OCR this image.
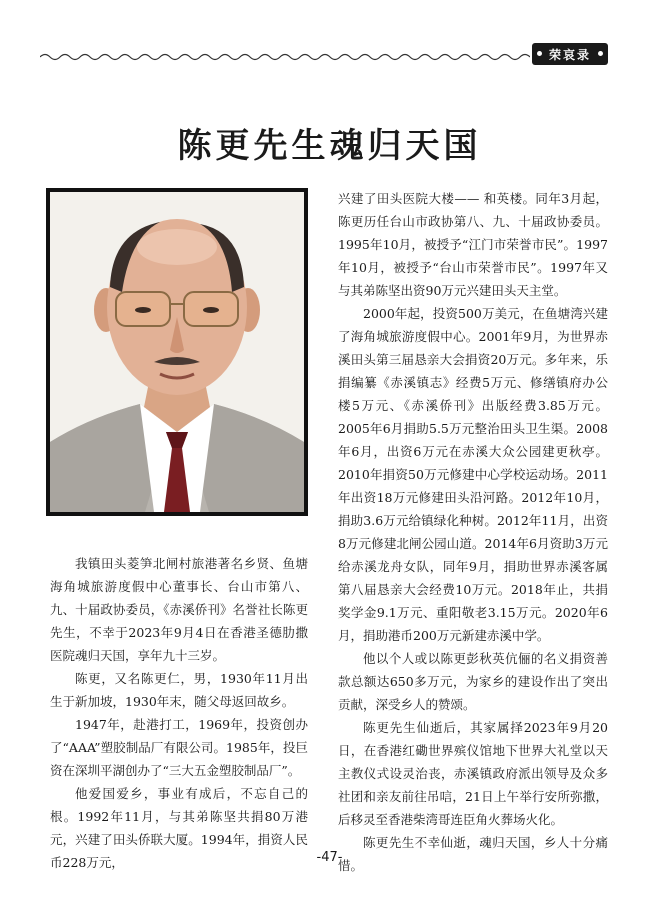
荣哀录
陈更先生魂归天国

我镇田头菱笋北闸村旅港著名乡贤、鱼塘海角城旅游度假中心董事长、台山市第八、九、十届政协委员，《赤溪侨刊》名誉社长陈更先生，不幸于2023年9月4日在香港圣德肋撒医院魂归天国，享年九十三岁。

陈更，又名陈更仁，男，1930年11月出生于新加坡，1930年末，随父母返回故乡。

1947年，赴港打工，1969年，投资创办了“AAA”塑胶制品厂有限公司。1985年，投巨资在深圳平湖创办了“三大五金塑胶制品厂”。

他爱国爱乡，事业有成后，不忘自己的根。1992年11月，与其弟陈坚共捐80万港元，兴建了田头侨联大厦。1994年，捐资人民币228万元，

兴建了田头医院大楼—— 和英楼。同年3月起，陈更历任台山市政协第八、九、十届政协委员。1995年10月，被授予“江门市荣誉市民”。1997年10月，被授予“台山市荣誉市民”。1997年又与其弟陈坚出资90万元兴建田头天主堂。

2000年起，投资500万美元，在鱼塘湾兴建了海角城旅游度假中心。2001年9月，为世界赤溪田头第三届恳亲大会捐资20万元。多年来，乐捐编纂《赤溪镇志》经费5万元、修缮镇府办公楼5万元、《赤溪侨刊》出版经费3.85万元。2005年6月捐助5.5万元整治田头卫生渠。2008年6月，出资6万元在赤溪大众公园建更秋亭。2010年捐资50万元修建中心学校运动场。2011年出资18万元修建田头沿河路。2012年10月，捐助3.6万元给镇绿化种树。2012年11月，出资8万元修建北闸公园山道。2014年6月资助3万元给赤溪龙舟女队，同年9月，捐助世界赤溪客属第八届恳亲大会经费10万元。2018年止，共捐奖学金9.1万元、重阳敬老3.15万元。2020年6月，捐助港币200万元新建赤溪中学。

他以个人或以陈更彭秋英伉俪的名义捐资善款总额达650多万元，为家乡的建设作出了突出贡献，深受乡人的赞颂。

陈更先生仙逝后，其家属择2023年9月20日，在香港红磡世界殡仪馆地下世界大礼堂以天主教仪式设灵治丧，赤溪镇政府派出领导及众多社团和亲友前往吊唁，21日上午举行安所弥撒，后移灵至香港柴湾哥连臣角火葬场火化。

陈更先生不幸仙逝，魂归天国，乡人十分痛惜。

-47-
